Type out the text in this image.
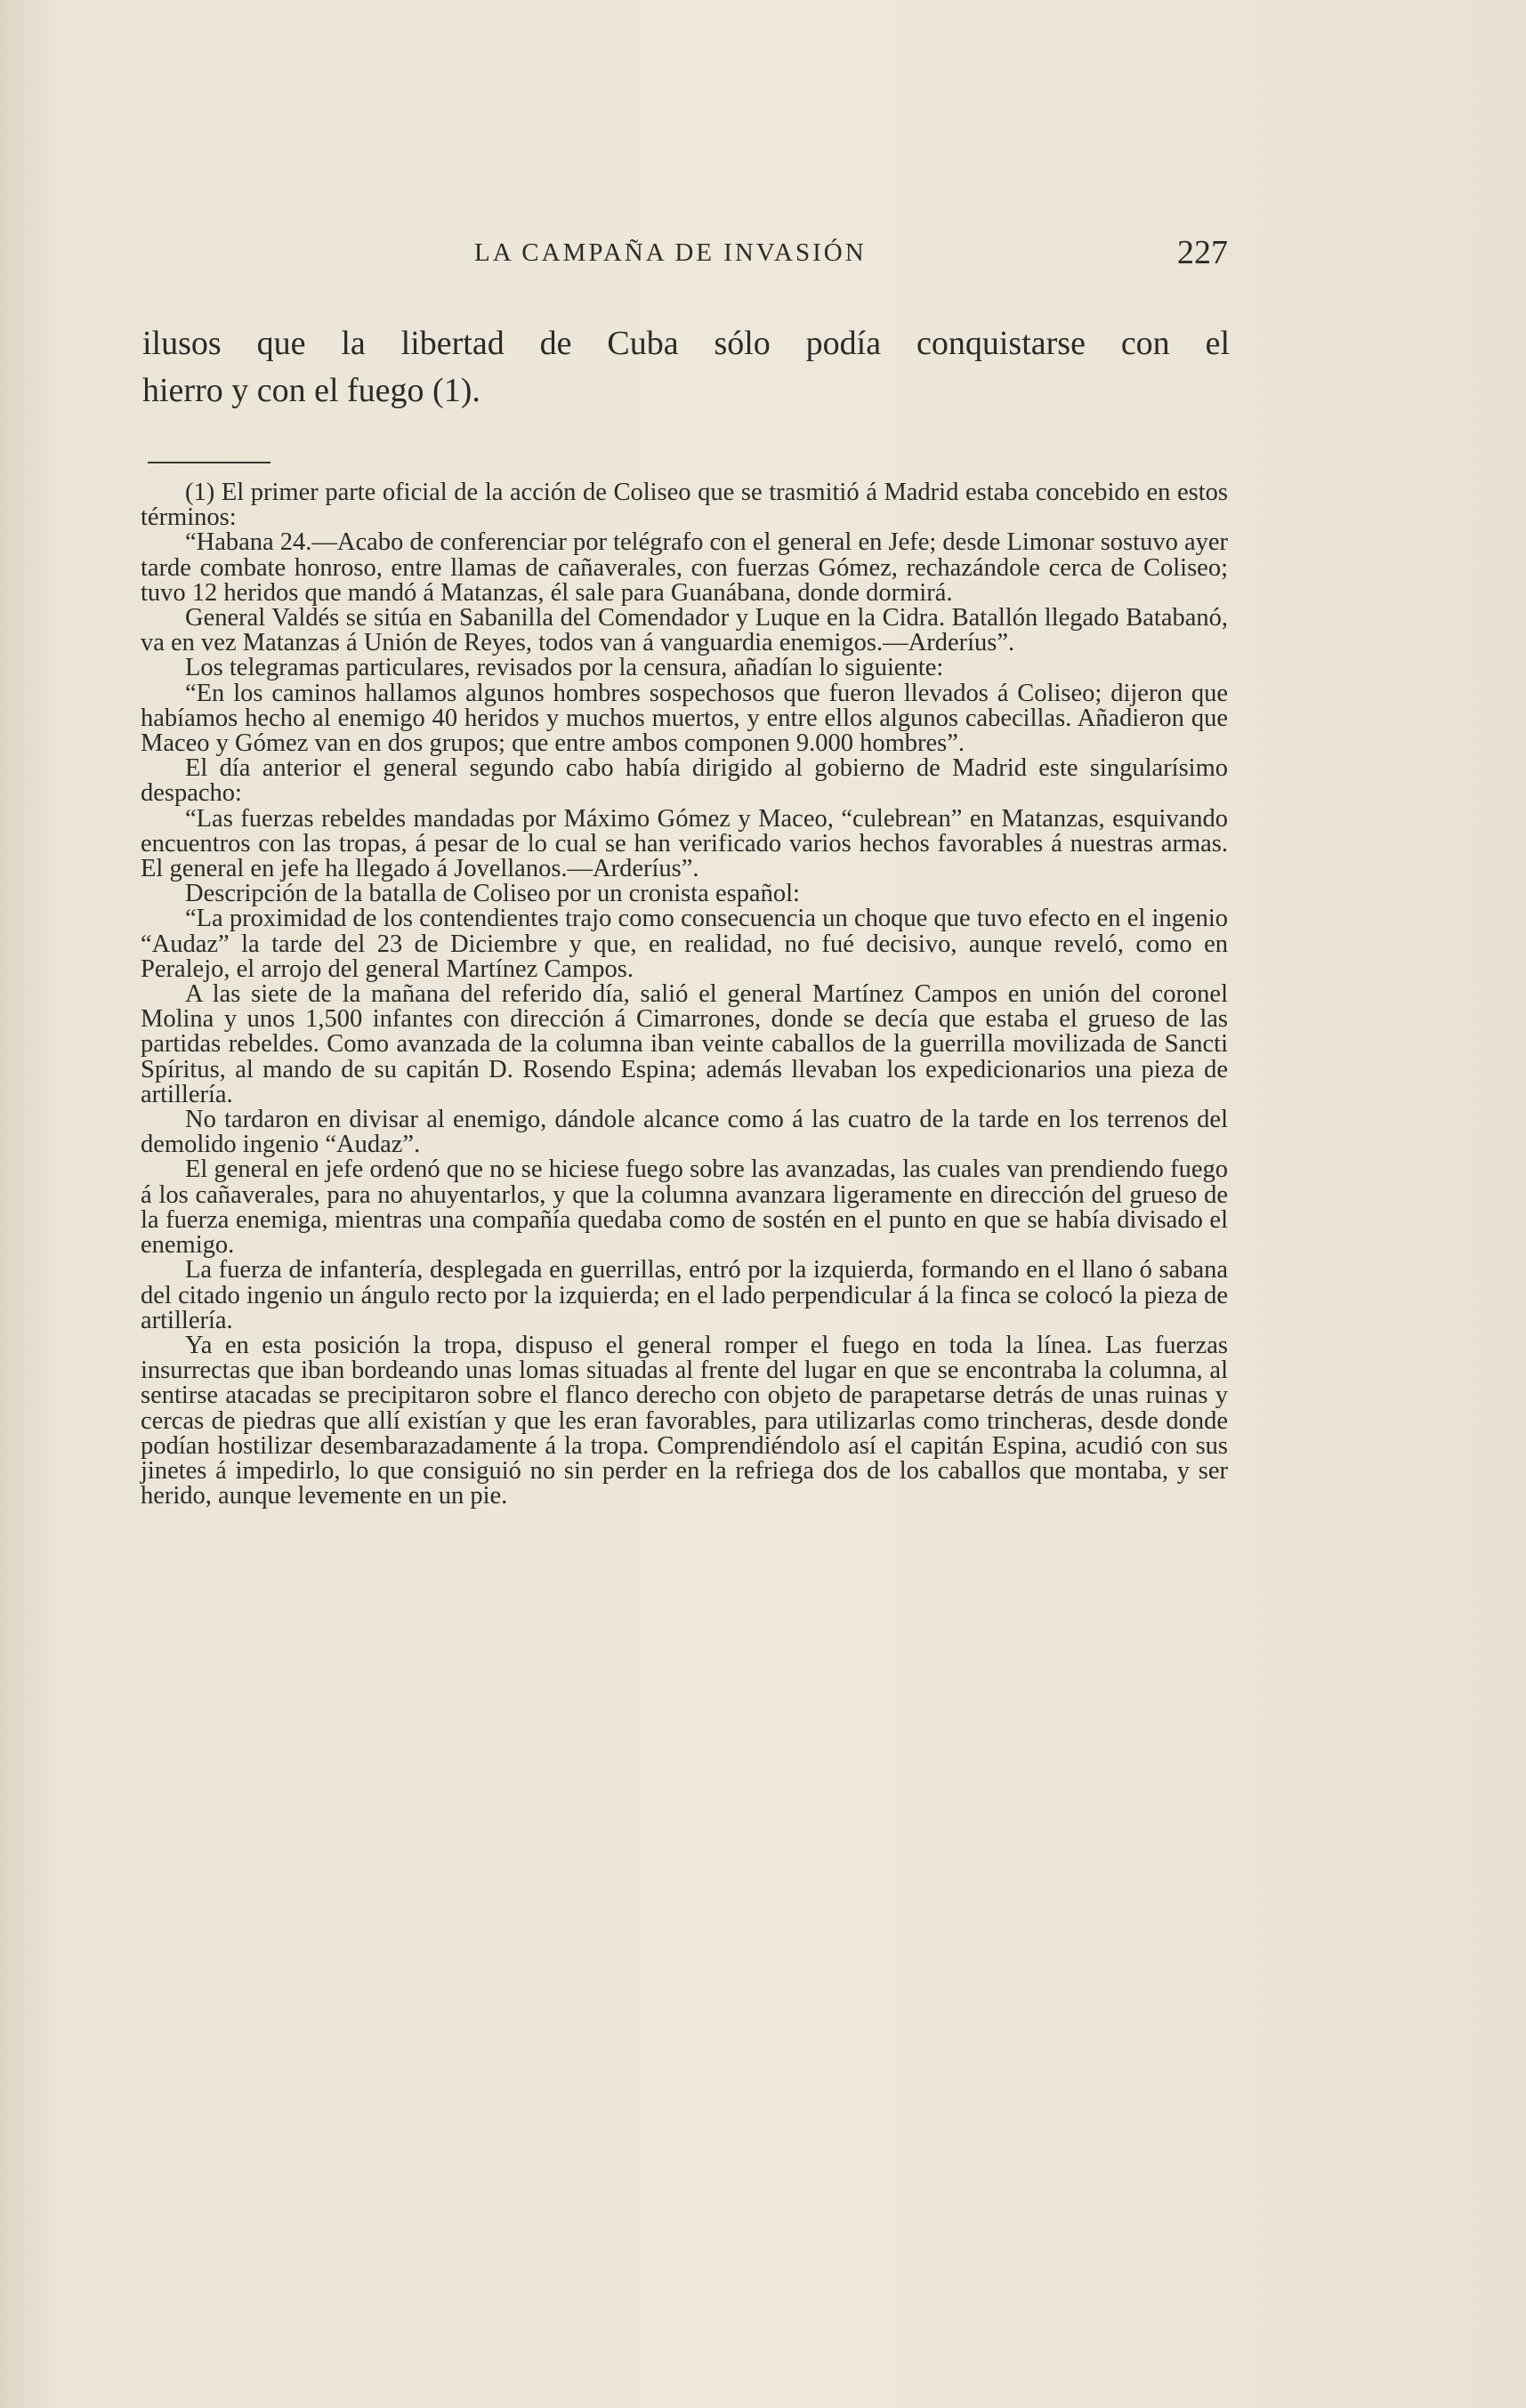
LA CAMPAÑA DE INVASIÓN	227
ilusos que la libertad de Cuba sólo podía conquistarse con el
hierro y con el fuego (1).

(1) El primer parte oficial de la acción de Coliseo que se trasmitió á Madrid estaba concebido en estos términos:

“Habana 24.—Acabo de conferenciar por telégrafo con el general en Jefe; desde Limonar sostuvo ayer tarde combate honroso, entre llamas de cañaverales, con fuerzas Gómez, rechazándole cerca de Coliseo; tuvo 12 heridos que mandó á Matanzas, él sale para Guanábana, donde dormirá.

General Valdés se sitúa en Sabanilla del Comendador y Luque en la Cidra. Batallón llegado Batabanó, va en vez Matanzas á Unión de Reyes, todos van á vanguardia enemigos.—Arderíus”.

Los telegramas particulares, revisados por la censura, añadían lo siguiente:

“En los caminos hallamos algunos hombres sospechosos que fueron llevados á Coliseo; dijeron que habíamos hecho al enemigo 40 heridos y muchos muertos, y entre ellos algunos cabecillas. Añadieron que Maceo y Gómez van en dos grupos; que entre ambos componen 9.000 hombres”.

El día anterior el general segundo cabo había dirigido al gobierno de Madrid este singularísimo despacho:

“Las fuerzas rebeldes mandadas por Máximo Gómez y Maceo, “culebrean” en Matanzas, esquivando encuentros con las tropas, á pesar de lo cual se han verificado varios hechos favorables á nuestras armas. El general en jefe ha llegado á Jovellanos.—Arderíus”.

Descripción de la batalla de Coliseo por un cronista español:

“La proximidad de los contendientes trajo como consecuencia un choque que tuvo efecto en el ingenio “Audaz” la tarde del 23 de Diciembre y que, en realidad, no fué decisivo, aunque reveló, como en Peralejo, el arrojo del general Martínez Campos.

A las siete de la mañana del referido día, salió el general Martínez Campos en unión del coronel Molina y unos 1,500 infantes con dirección á Cimarrones, donde se decía que estaba el grueso de las partidas rebeldes. Como avanzada de la columna iban veinte caballos de la guerrilla movilizada de Sancti Spíritus, al mando de su capitán D. Rosendo Espina; además llevaban los expedicionarios una pieza de artillería.

No tardaron en divisar al enemigo, dándole alcance como á las cuatro de la tarde en los terrenos del demolido ingenio “Audaz”.

El general en jefe ordenó que no se hiciese fuego sobre las avanzadas, las cuales van prendiendo fuego á los cañaverales, para no ahuyentarlos, y que la columna avanzara ligeramente en dirección del grueso de la fuerza enemiga, mientras una compañía quedaba como de sostén en el punto en que se había divisado el enemigo.

La fuerza de infantería, desplegada en guerrillas, entró por la izquierda, formando en el llano ó sabana del citado ingenio un ángulo recto por la izquierda; en el lado perpendicular á la finca se colocó la pieza de artillería.

Ya en esta posición la tropa, dispuso el general romper el fuego en toda la línea. Las fuerzas insurrectas que iban bordeando unas lomas situadas al frente del lugar en que se encontraba la columna, al sentirse atacadas se precipitaron sobre el flanco derecho con objeto de parapetarse detrás de unas ruinas y cercas de piedras que allí existían y que les eran favorables, para utilizarlas como trincheras, desde donde podían hostilizar desembarazadamente á la tropa. Comprendiéndolo así el capitán Espina, acudió con sus jinetes á impedirlo, lo que consiguió no sin perder en la refriega dos de los caballos que montaba, y ser herido, aunque levemente en un pie.
